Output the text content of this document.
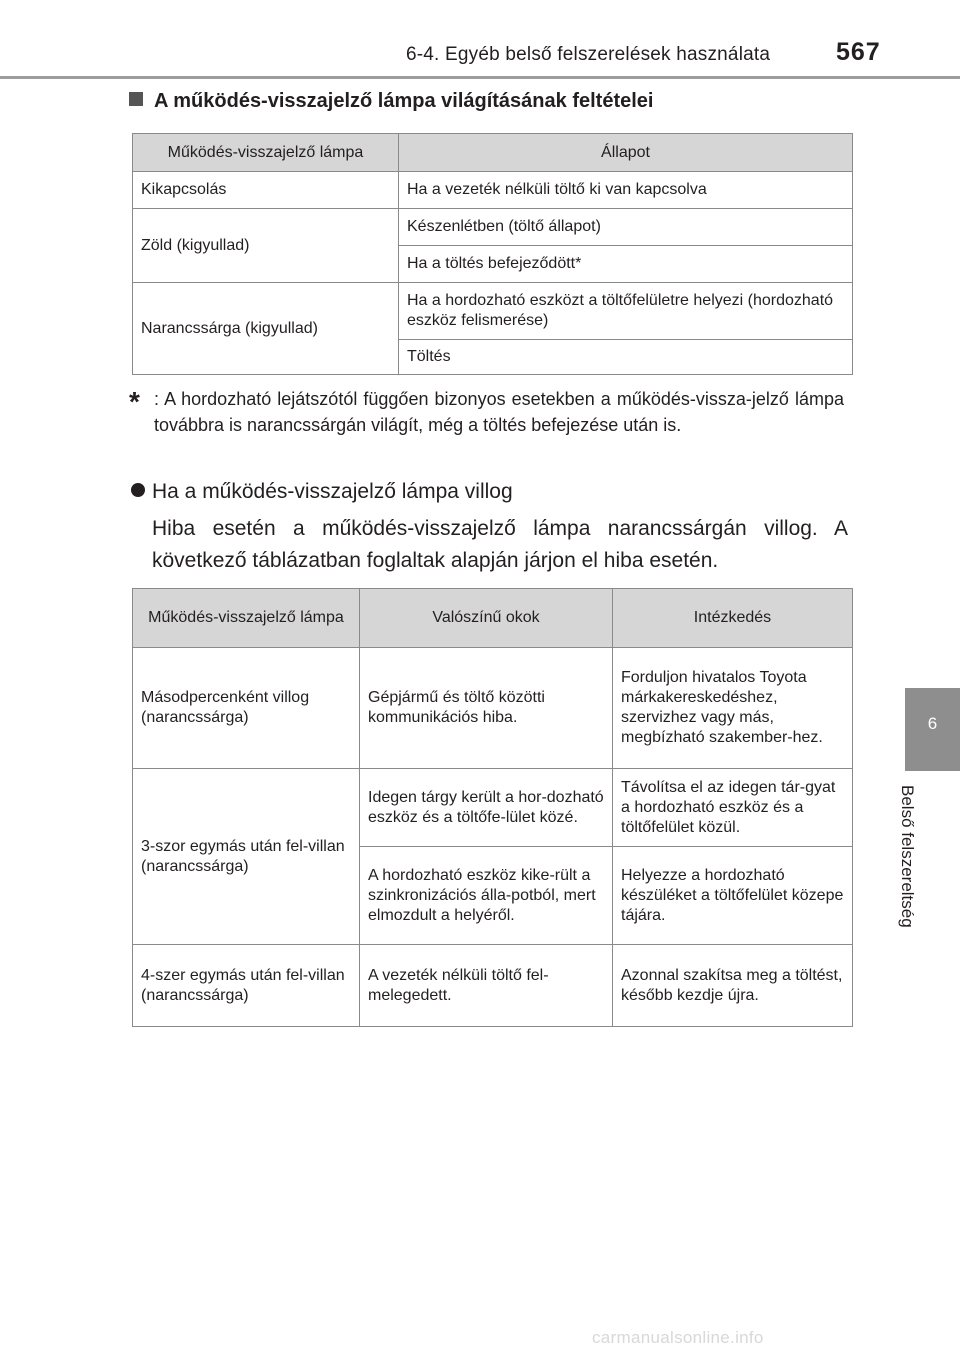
6-4. Egyéb belső felszerelések használata	567
6
Belső felszereltség
A működés-visszajelző lámpa világításának feltételei
Működés-visszajelző lámpa	Állapot
Kikapcsolás	Ha a vezeték nélküli töltő ki van kapcsolva
Zöld (kigyullad)	Készenlétben (töltő állapot)
	Ha a töltés befejeződött*
Narancssárga (kigyullad)	Ha a hordozható eszközt a töltőfelületre helyezi (hordozható eszköz felismerése)
	Töltés
* : A hordozható lejátszótól függően bizonyos esetekben a működés-vissza-jelző lámpa továbbra is narancssárgán világít, még a töltés befejezése után is.
Ha a működés-visszajelző lámpa villog
Hiba esetén a működés-visszajelző lámpa narancssárgán villog. A következő táblázatban foglaltak alapján járjon el hiba esetén.
Működés-visszajelző lámpa	Valószínű okok	Intézkedés
Másodpercenként villog (narancssárga)	Gépjármű és töltő közötti kommunikációs hiba.	Forduljon hivatalos Toyota márkakereskedéshez, szervizhez vagy más, megbízható szakember-hez.
3-szor egymás után fel-villan (narancssárga)	Idegen tárgy került a hor-dozható eszköz és a töltőfe-lület közé.	Távolítsa el az idegen tár-gyat a hordozható eszköz és a töltőfelület közül.
	A hordozható eszköz kike-rült a szinkronizációs álla-potból, mert elmozdult a helyéről.	Helyezze a hordozható készüléket a töltőfelület közepe tájára.
4-szer egymás után fel-villan (narancssárga)	A vezeték nélküli töltő fel-melegedett.	Azonnal szakítsa meg a töltést, később kezdje újra.
carmanualsonline.info
